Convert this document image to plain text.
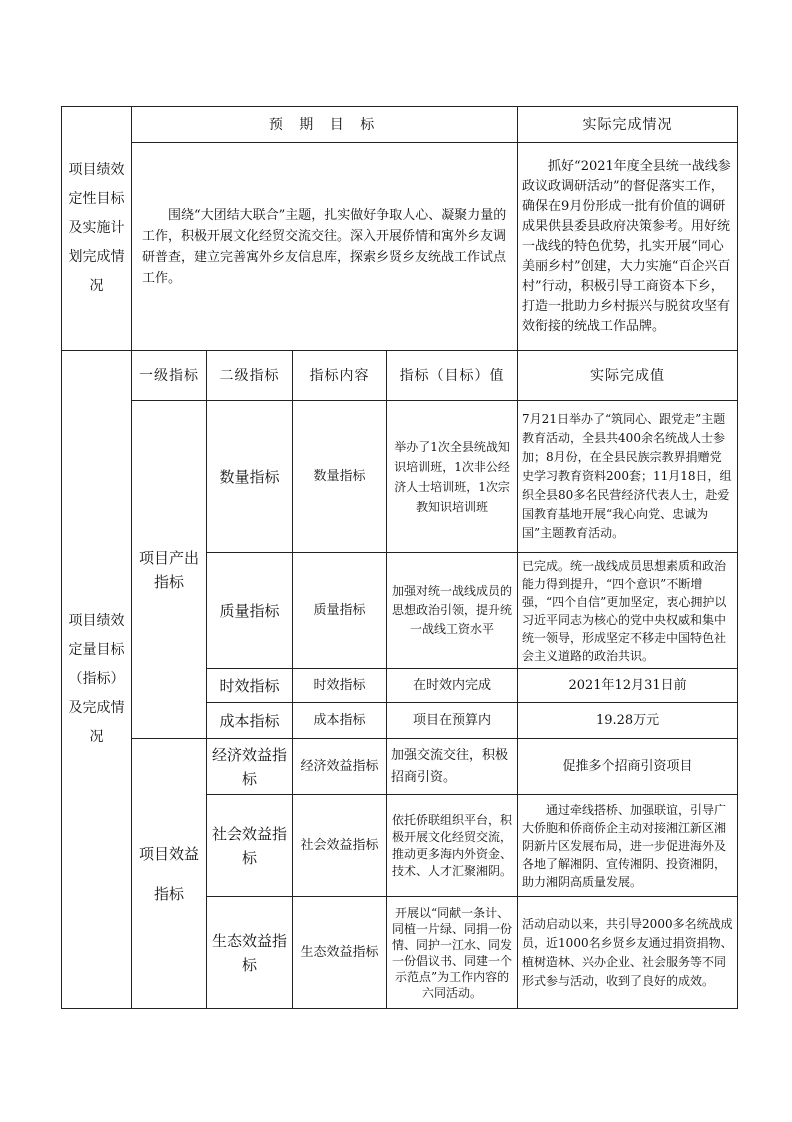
项目绩效定性目标及实施计划完成情况	预 期 目 标				实际完成情况
	围绕“大团结大联合”主题，扎实做好争取人心、凝聚力量的工作，积极开展文化经贸交流交往。深入开展侨情和寓外乡友调研普查，建立完善寓外乡友信息库，探索乡贤乡友统战工作试点工作。				抓好“2021年度全县统一战线参政议政调研活动”的督促落实工作，确保在9月份形成一批有价值的调研成果供县委县政府决策参考。用好统一战线的特色优势，扎实开展“同心美丽乡村”创建，大力实施“百企兴百村”行动，积极引导工商资本下乡，打造一批助力乡村振兴与脱贫攻坚有效衔接的统战工作品牌。
项目绩效定量目标（指标）及完成情况	一级指标	二级指标	指标内容	指标（目标）值	实际完成值
	项目产出指标	数量指标	数量指标	举办了1次全县统战知识培训班，1次非公经济人士培训班，1次宗教知识培训班	7月21日举办了“筑同心、跟党走”主题教育活动，全县共400余名统战人士参加；8月份，在全县民族宗教界捐赠党史学习教育资料200套；11月18日，组织全县80多名民营经济代表人士，赴爱国教育基地开展“我心向党、忠诚为国”主题教育活动。
		质量指标	质量指标	加强对统一战线成员的思想政治引领，提升统一战线工资水平	已完成。统一战线成员思想素质和政治能力得到提升，“四个意识”不断增强，“四个自信”更加坚定，衷心拥护以习近平同志为核心的党中央权威和集中统一领导，形成坚定不移走中国特色社会主义道路的政治共识。
		时效指标	时效指标	在时效内完成	2021年12月31日前
		成本指标	成本指标	项目在预算内	19.28万元
	项目效益指标	经济效益指标	经济效益指标	加强交流交往，积极招商引资。	促推多个招商引资项目
		社会效益指标	社会效益指标	依托侨联组织平台，积极开展文化经贸交流，推动更多海内外资金、技术、人才汇聚湘阴。	通过牵线搭桥、加强联谊，引导广大侨胞和侨商侨企主动对接湘江新区湘阴新片区发展布局，进一步促进海外及各地了解湘阴、宣传湘阴、投资湘阴，助力湘阴高质量发展。
		生态效益指标	生态效益指标	开展以“同献一条计、同植一片绿、同捐一份情、同护一江水、同发一份倡议书、同建一个示范点”为工作内容的六同活动。	活动启动以来，共引导2000多名统战成员，近1000名乡贤乡友通过捐资捐物、植树造林、兴办企业、社会服务等不同形式参与活动，收到了良好的成效。
